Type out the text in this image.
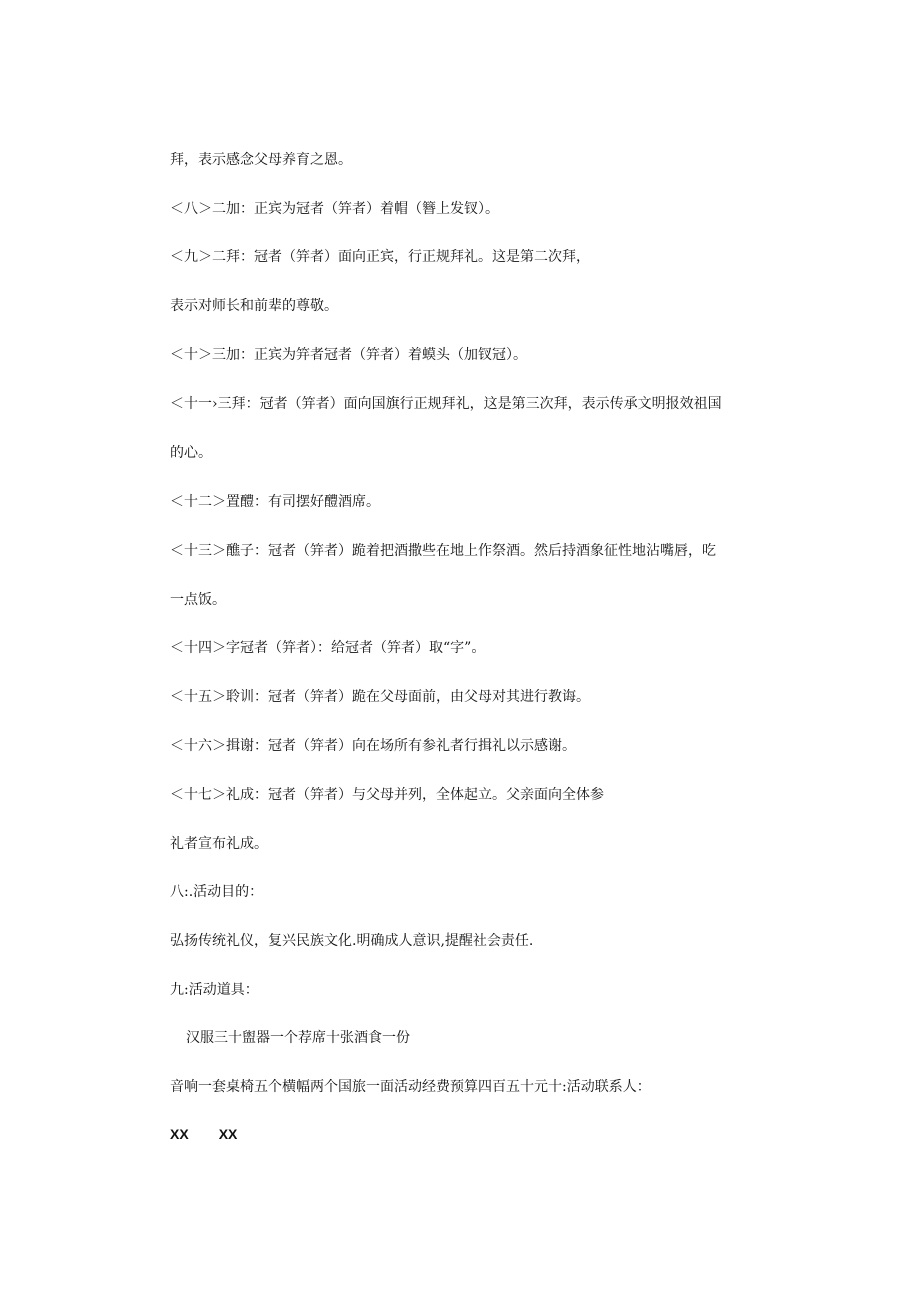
拜，表示感念父母养育之恩。
＜八＞二加：正宾为冠者（笄者）着帽（簪上发钗）。
＜九＞二拜：冠者（笄者）面向正宾，行正规拜礼。这是第二次拜，
表示对师长和前辈的尊敬。
＜十＞三加：正宾为笄者冠者（笄者）着蟆头（加钗冠）。
＜十一›三拜：冠者（笄者）面向国旗行正规拜礼，这是第三次拜，表示传承文明报效祖国
的心。
＜十二＞置醴：有司摆好醴酒席。
＜十三＞醮子：冠者（笄者）跪着把酒撒些在地上作祭酒。然后持酒象征性地沾嘴唇，吃
一点饭。
＜十四＞字冠者（笄者）：给冠者（笄者）取“字”。
＜十五＞聆训：冠者（笄者）跪在父母面前，由父母对其进行教诲。
＜十六＞揖谢：冠者（笄者）向在场所有参礼者行揖礼以示感谢。
＜十七＞礼成：冠者（笄者）与父母并列，全体起立。父亲面向全体参
礼者宣布礼成。
八:.活动目的：
弘扬传统礼仪，复兴民族文化.明确成人意识,提醒社会责任.
九:活动道具：
汉服三十盥器一个荐席十张酒食一份
音响一套桌椅五个横幅两个国旅一面活动经费预算四百五十元十:活动联系人：
XX XX
